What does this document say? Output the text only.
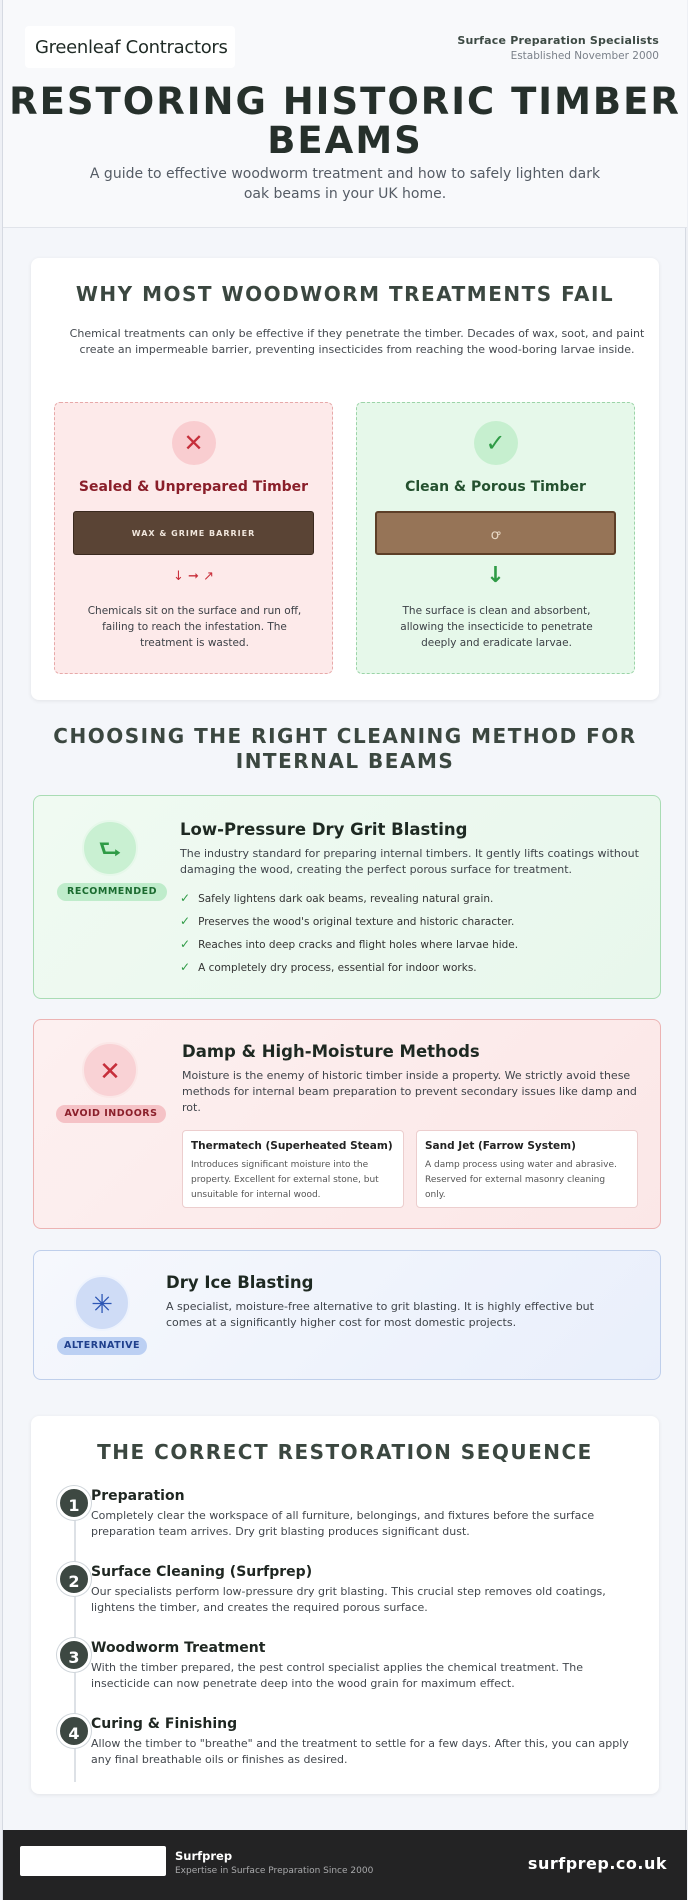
Greenleaf Contractors	Surface Preparation Specialists
Established November 2000
RESTORING HISTORIC TIMBER BEAMS

A guide to effective woodworm treatment and how to safely lighten dark oak beams in your UK home.

WHY MOST WOODWORM TREATMENTS FAIL

Chemical treatments can only be effective if they penetrate the timber. Decades of wax, soot, and paint create an impermeable barrier, preventing insecticides from reaching the wood-boring larvae inside.

✕
Sealed & Unprepared Timber
WAX & GRIME BARRIER
↓ ➞ ↗

Chemicals sit on the surface and run off, failing to reach the infestation. The treatment is wasted.

✓
Clean & Porous Timber
ꝍ
↓

The surface is clean and absorbent, allowing the insecticide to penetrate deeply and eradicate larvae.

CHOOSING THE RIGHT CLEANING METHOD FOR INTERNAL BEAMS
⮑
RECOMMENDED
Low-Pressure Dry Grit Blasting

The industry standard for preparing internal timbers. It gently lifts coatings without damaging the wood, creating the perfect porous surface for treatment.

✓ Safely lightens dark oak beams, revealing natural grain.
✓ Preserves the wood's original texture and historic character.
✓ Reaches into deep cracks and flight holes where larvae hide.
✓ A completely dry process, essential for indoor works.
✕
AVOID INDOORS
Damp & High-Moisture Methods

Moisture is the enemy of historic timber inside a property. We strictly avoid these methods for internal beam preparation to prevent secondary issues like damp and rot.

Thermatech (Superheated Steam)

Introduces significant moisture into the property. Excellent for external stone, but unsuitable for internal wood.

Sand Jet (Farrow System)

A damp process using water and abrasive. Reserved for external masonry cleaning only.

✳
ALTERNATIVE
Dry Ice Blasting

A specialist, moisture-free alternative to grit blasting. It is highly effective but comes at a significantly higher cost for most domestic projects.

THE CORRECT RESTORATION SEQUENCE
1 Preparation

Completely clear the workspace of all furniture, belongings, and fixtures before the surface preparation team arrives. Dry grit blasting produces significant dust.

2 Surface Cleaning (Surfprep)

Our specialists perform low-pressure dry grit blasting. This crucial step removes old coatings, lightens the timber, and creates the required porous surface.

3 Woodworm Treatment

With the timber prepared, the pest control specialist applies the chemical treatment. The insecticide can now penetrate deep into the wood grain for maximum effect.

4 Curing & Finishing

Allow the timber to "breathe" and the treatment to settle for a few days. After this, you can apply any final breathable oils or finishes as desired.

Surfprep
Expertise in Surface Preparation Since 2000	surfprep.co.uk
